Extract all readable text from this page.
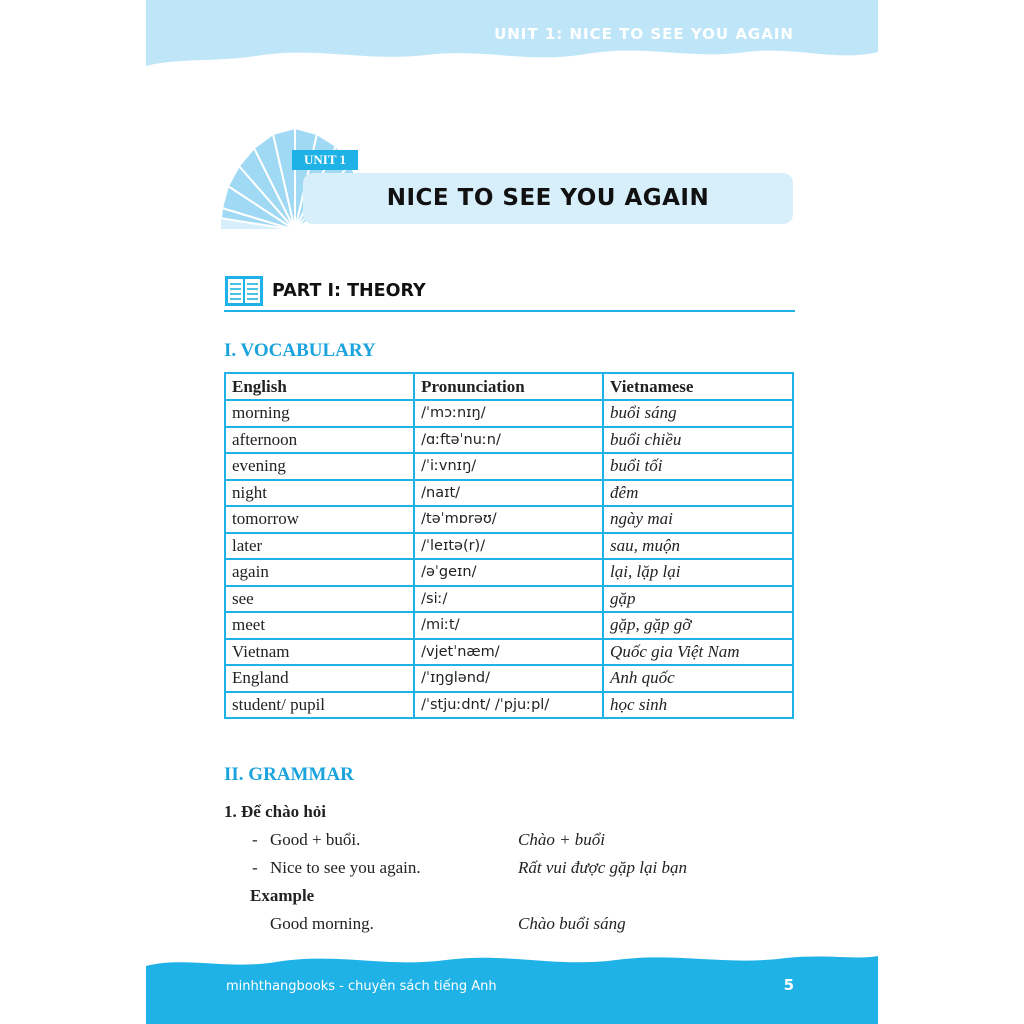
UNIT 1: NICE TO SEE YOU AGAIN
UNIT 1
NICE TO SEE YOU AGAIN
PART I: THEORY
I. VOCABULARY
English	Pronunciation	Vietnamese
morning	/ˈmɔːnɪŋ/	buổi sáng
afternoon	/ɑːftəˈnuːn/	buổi chiều
evening	/ˈiːvnɪŋ/	buổi tối
night	/naɪt/	đêm
tomorrow	/təˈmɒrəʊ/	ngày mai
later	/ˈleɪtə(r)/	sau, muộn
again	/əˈgeɪn/	lại, lặp lại
see	/siː/	gặp
meet	/miːt/	gặp, gặp gỡ
Vietnam	/vjetˈnæm/	Quốc gia Việt Nam
England	/ˈɪŋglənd/	Anh quốc
student/ pupil	/ˈstjuːdnt/ /ˈpjuːpl/	học sinh
II. GRAMMAR
1. Để chào hỏi
- Good + buổi.	Chào + buổi
- Nice to see you again.	Rất vui được gặp lại bạn
Example
Good morning.	Chào buổi sáng
minhthangbooks - chuyên sách tiếng Anh	5
